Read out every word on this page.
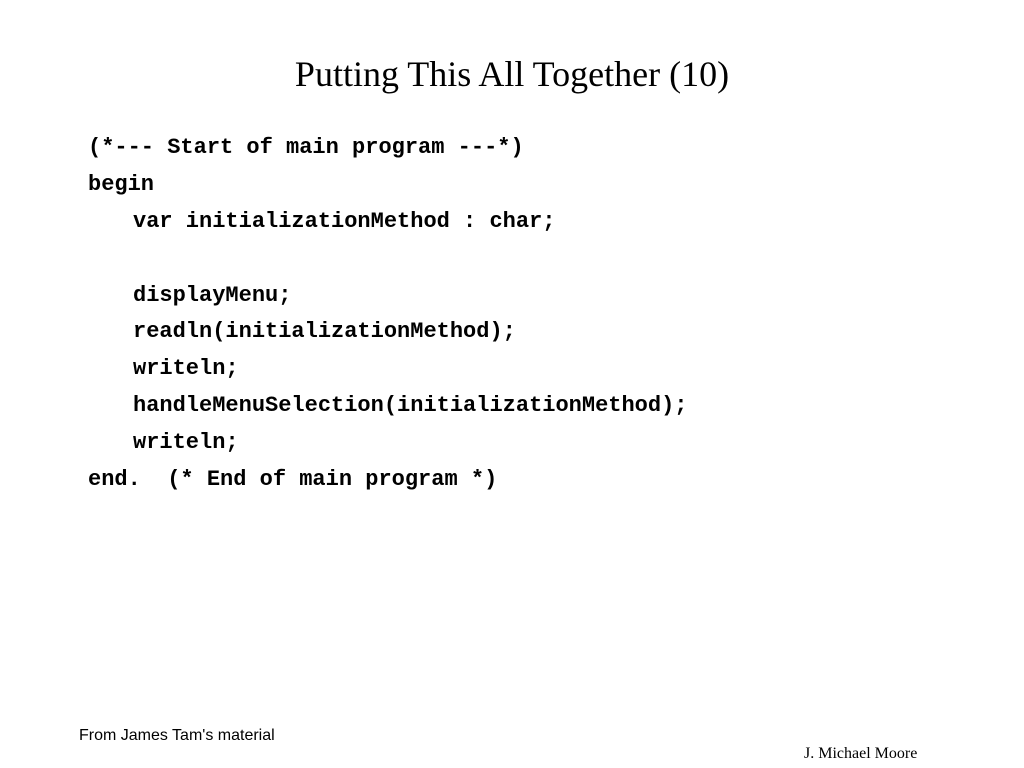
Putting This All Together (10)
(*--- Start of main program ---*)
begin
var initializationMethod : char;
displayMenu;
readln(initializationMethod);
writeln;
handleMenuSelection(initializationMethod);
writeln;
end.  (* End of main program *)
From James Tam's material
J. Michael Moore
